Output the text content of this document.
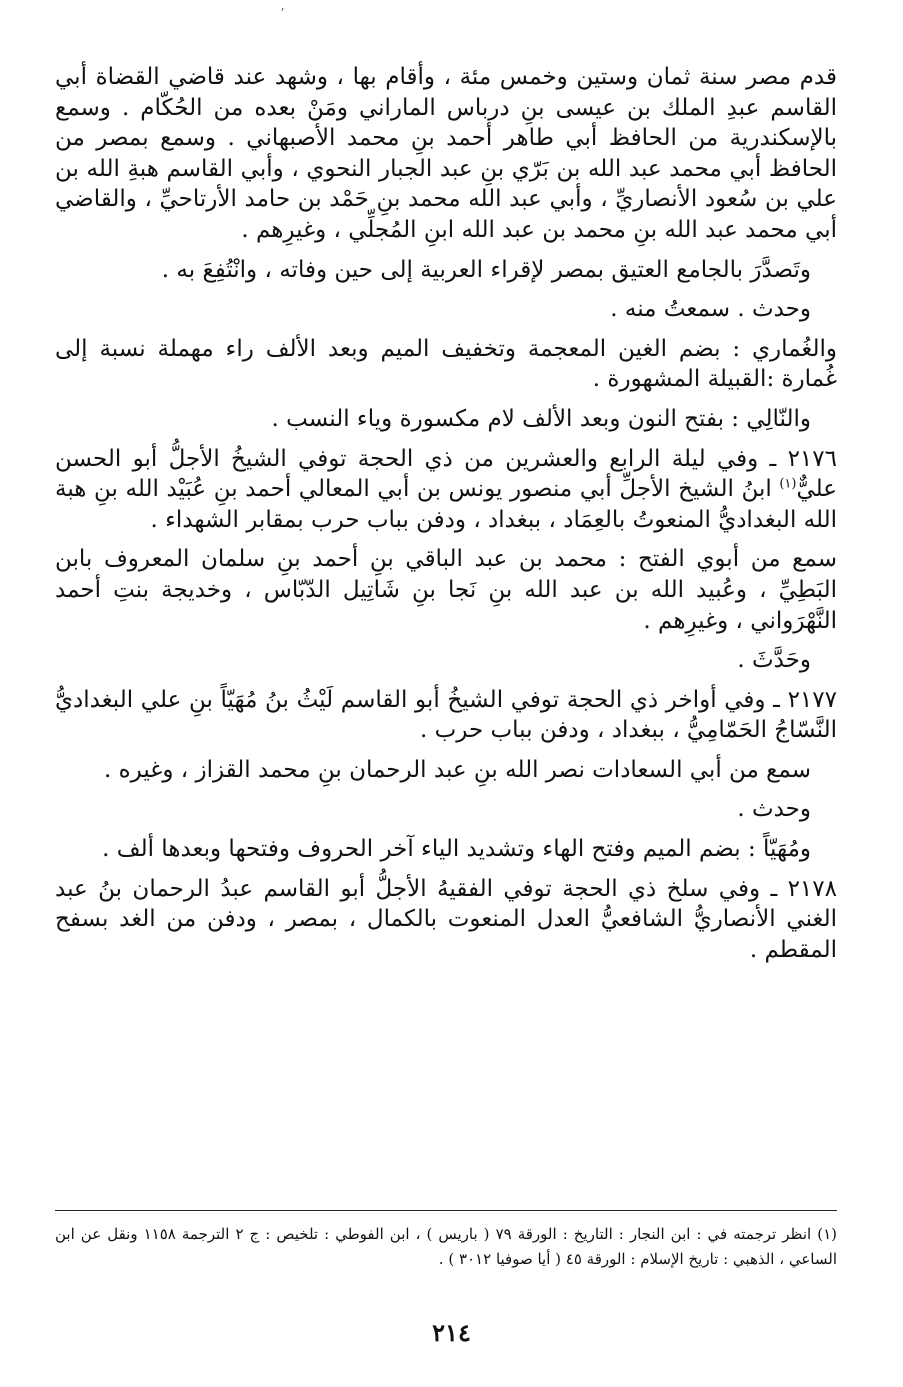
ʼ

قدم مصر سنة ثمان وستين وخمس مئة ، وأقام بها ، وشهد عند قاضي القضاة أبي القاسم عبدِ الملك بن عيسى بنِ درباس الماراني ومَنْ بعده من الحُكّام . وسمع بالإسكندرية من الحافظ أبي طاهر أحمد بنِ محمد الأصبهاني . وسمع بمصر من الحافظ أبي محمد عبد الله بن بَرّي بنِ عبد الجبار النحوي ، وأبي القاسم هبةِ الله بن علي بن سُعود الأنصاريِّ ، وأبي عبد الله محمد بنِ حَمْد بن حامد الأرتاحيِّ ، والقاضي أبي محمد عبد الله بنِ محمد بن عبد الله ابنِ المُجلِّي ، وغيرِهم .

وتَصدَّرَ بالجامع العتيق بمصر لإقراء العربية إلى حين وفاته ، وانْتُفِعَ به .

وحدث . سمعتُ منه .

والغُماري : بضم الغين المعجمة وتخفيف الميم وبعد الألف راء مهملة نسبة إلى غُمارة :القبيلة المشهورة .

والنّالِي : بفتح النون وبعد الألف لام مكسورة وياء النسب .

٢١٧٦ ـ وفي ليلة الرابع والعشرين من ذي الحجة توفي الشيخُ الأجلُّ أبو الحسن عليٌّ$^{(١)}$ ابنُ الشيخ الأجلِّ أبي منصور يونس بن أبي المعالي أحمد بنِ عُبَيْد الله بنِ هبة الله البغداديُّ المنعوتُ بالعِمَاد ، ببغداد ، ودفن بباب حرب بمقابر الشهداء .

سمع من أبوي الفتح : محمد بن عبد الباقي بنِ أحمد بنِ سلمان المعروف بابن البَطِيِّ ، وعُبيد الله بن عبد الله بنِ نَجا بنِ شَاتِيل الدّبّاس ، وخديجة بنتِ أحمد النَّهْرَواني ، وغيرِهم .

وحَدَّثَ .

٢١٧٧ ـ وفي أواخر ذي الحجة توفي الشيخُ أبو القاسم لَيْثُ بنُ مُهَيّاً بنِ علي البغداديُّ النَّسّاجُ الحَمّامِيُّ ، ببغداد ، ودفن بباب حرب .

سمع من أبي السعادات نصر الله بنِ عبد الرحمان بنِ محمد القزاز ، وغيره .

وحدث .

ومُهَيّاً : بضم الميم وفتح الهاء وتشديد الياء آخر الحروف وفتحها وبعدها ألف .

٢١٧٨ ـ وفي سلخ ذي الحجة توفي الفقيهُ الأجلُّ أبو القاسم عبدُ الرحمان بنُ عبد الغني الأنصاريُّ الشافعيُّ العدل المنعوت بالكمال ، بمصر ، ودفن من الغد بسفح المقطم .

(١) انظر ترجمته في : ابن النجار : التاريخ : الورقة ٧٩ ( باريس ) ، ابن الفوطي : تلخيص : ج ٢ الترجمة ١١٥٨ ونقل عن ابن الساعي ، الذهبي : تاريخ الإسلام : الورقة ٤٥ ( أيا صوفيا ٣٠١٢ ) .
٢١٤
